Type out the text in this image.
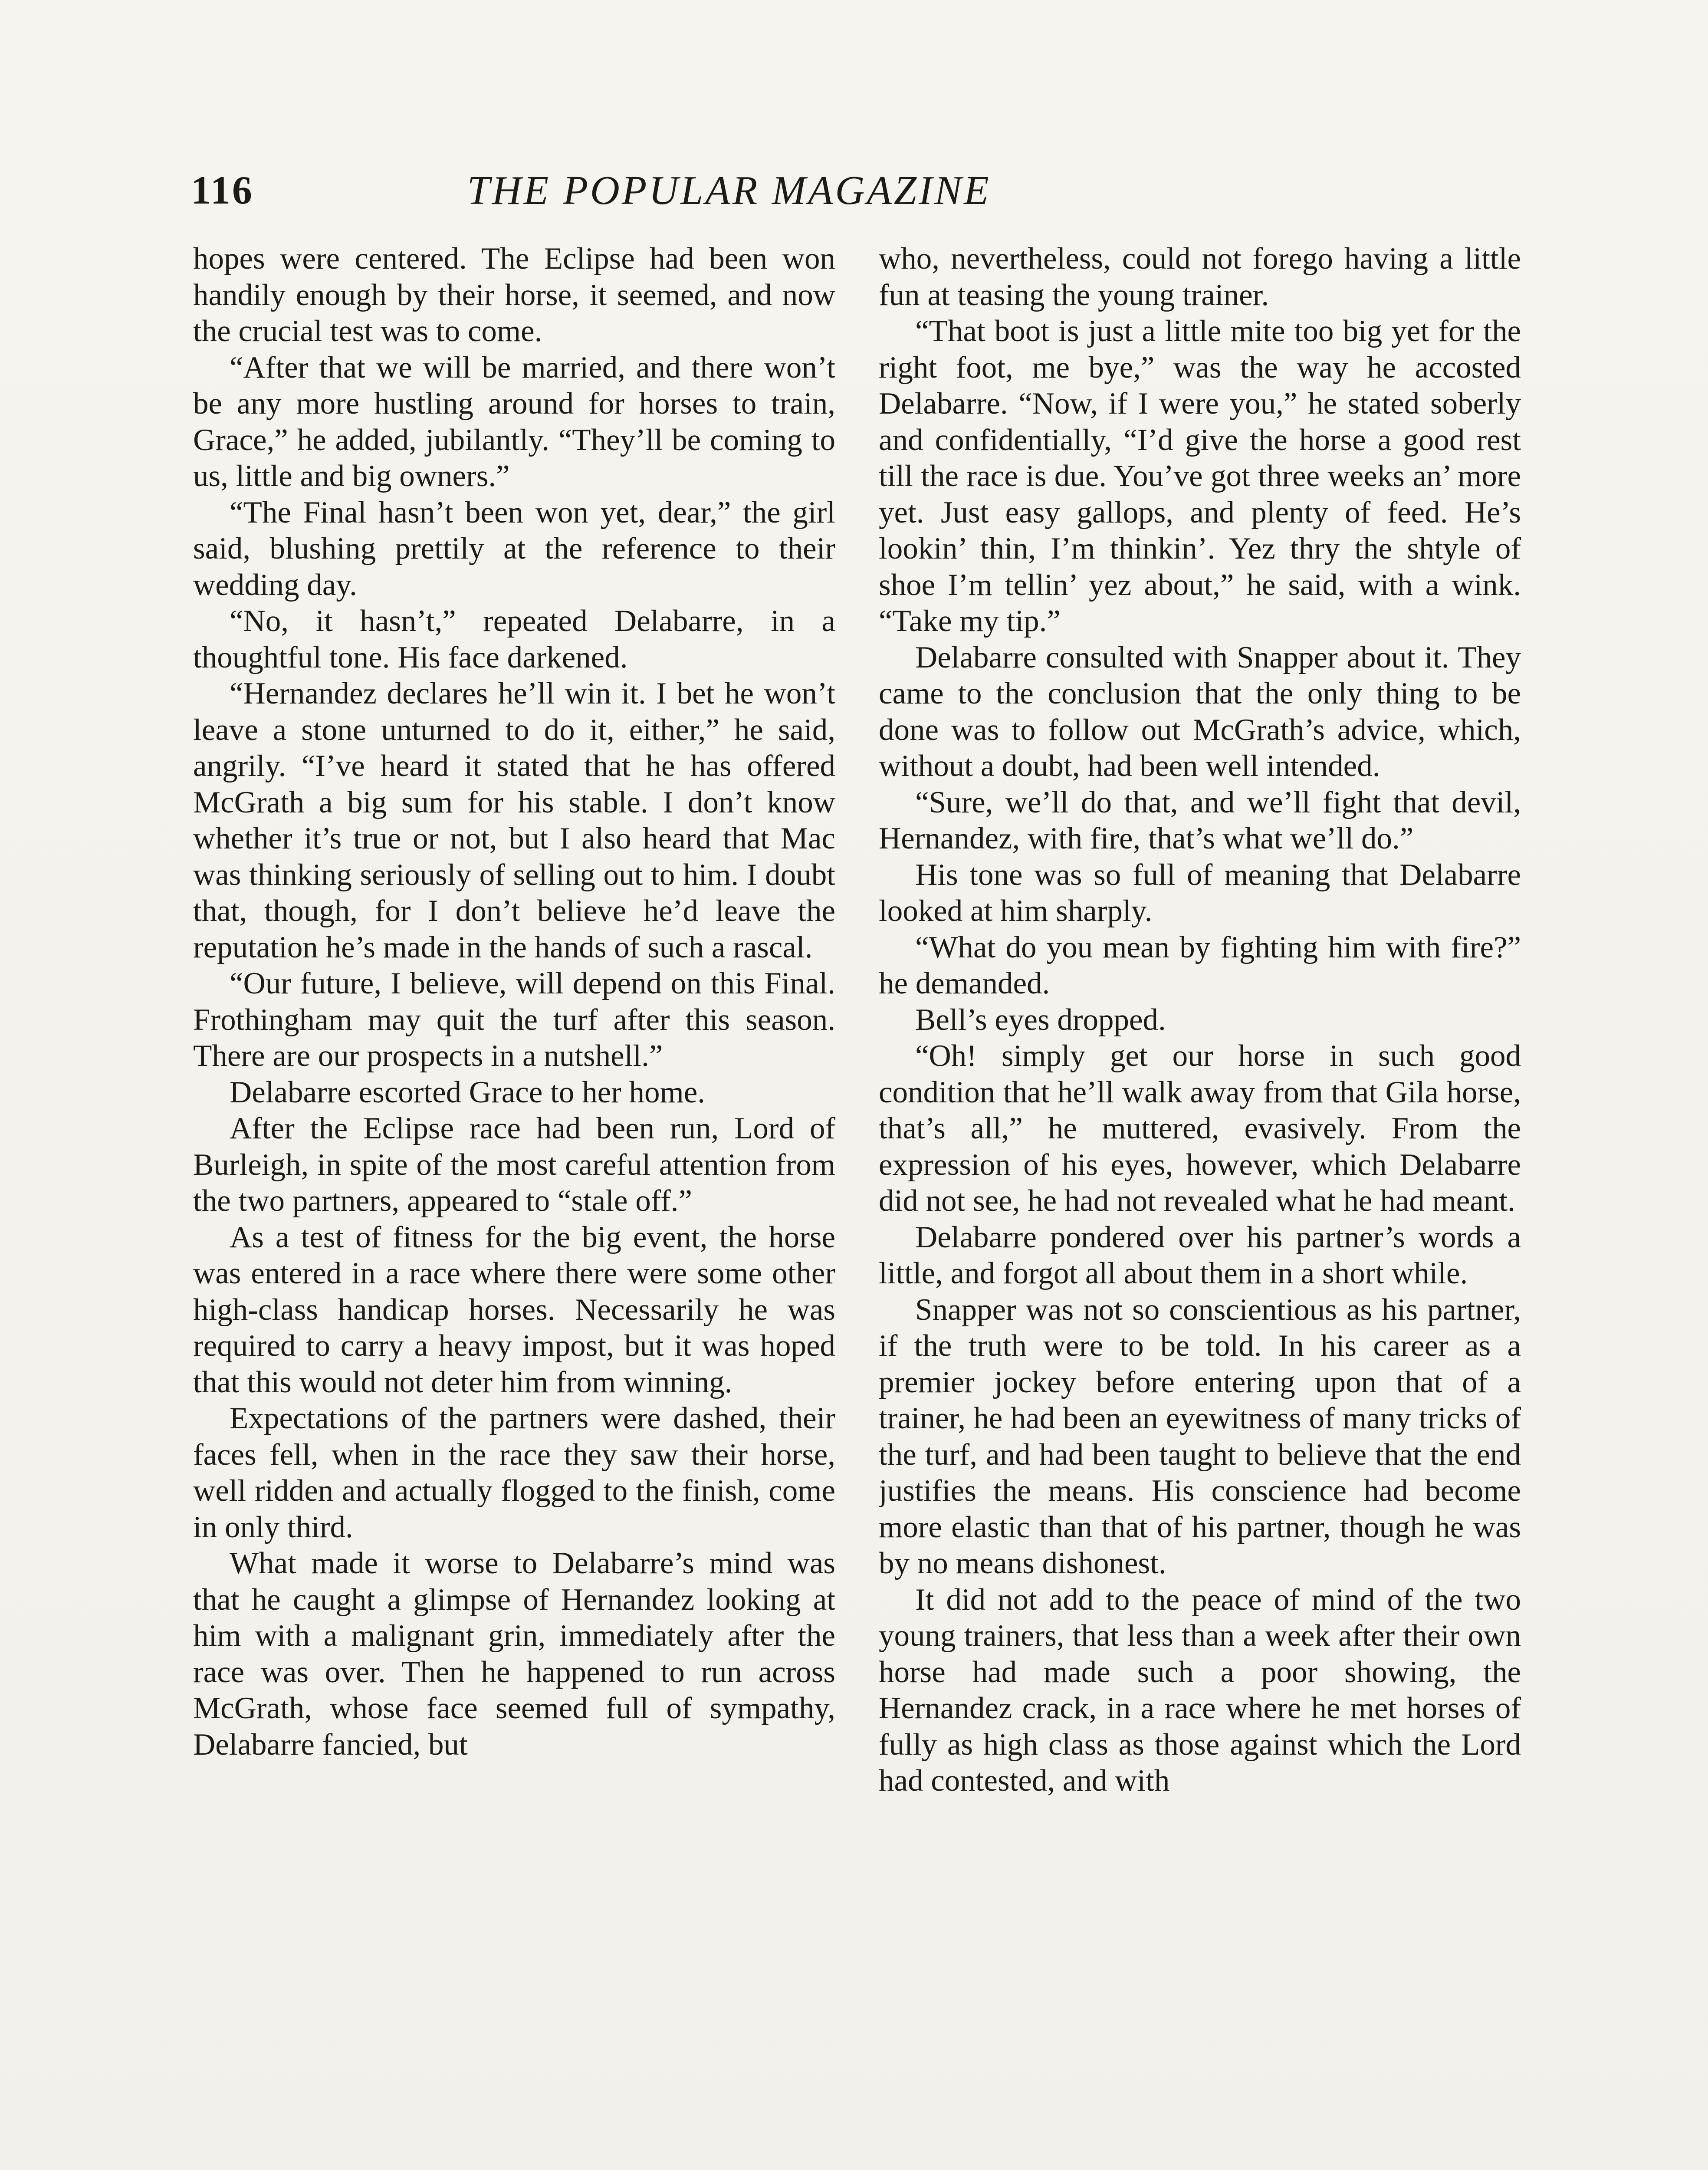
116	THE POPULAR MAGAZINE

hopes were centered. The Eclipse had been won handily enough by their horse, it seemed, and now the crucial test was to come.

“After that we will be married, and there won’t be any more hustling around for horses to train, Grace,” he added, jubilantly. “They’ll be coming to us, little and big owners.”

“The Final hasn’t been won yet, dear,” the girl said, blushing prettily at the reference to their wedding day.

“No, it hasn’t,” repeated Delabarre, in a thoughtful tone. His face darkened.

“Hernandez declares he’ll win it. I bet he won’t leave a stone unturned to do it, either,” he said, angrily. “I’ve heard it stated that he has offered McGrath a big sum for his stable. I don’t know whether it’s true or not, but I also heard that Mac was thinking seriously of selling out to him. I doubt that, though, for I don’t believe he’d leave the reputation he’s made in the hands of such a rascal.

“Our future, I believe, will depend on this Final. Frothingham may quit the turf after this season. There are our prospects in a nutshell.”

Delabarre escorted Grace to her home.

After the Eclipse race had been run, Lord of Burleigh, in spite of the most careful attention from the two partners, appeared to “stale off.”

As a test of fitness for the big event, the horse was entered in a race where there were some other high-class handicap horses. Necessarily he was required to carry a heavy impost, but it was hoped that this would not deter him from winning.

Expectations of the partners were dashed, their faces fell, when in the race they saw their horse, well ridden and actually flogged to the finish, come in only third.

What made it worse to Delabarre’s mind was that he caught a glimpse of Hernandez looking at him with a malignant grin, immediately after the race was over. Then he happened to run across McGrath, whose face seemed full of sympathy, Delabarre fancied, but

who, nevertheless, could not forego having a little fun at teasing the young trainer.

“That boot is just a little mite too big yet for the right foot, me bye,” was the way he accosted Delabarre. “Now, if I were you,” he stated soberly and confidentially, “I’d give the horse a good rest till the race is due. You’ve got three weeks an’ more yet. Just easy gallops, and plenty of feed. He’s lookin’ thin, I’m thinkin’. Yez thry the shtyle of shoe I’m tellin’ yez about,” he said, with a wink. “Take my tip.”

Delabarre consulted with Snapper about it. They came to the conclusion that the only thing to be done was to follow out McGrath’s advice, which, without a doubt, had been well intended.

“Sure, we’ll do that, and we’ll fight that devil, Hernandez, with fire, that’s what we’ll do.”

His tone was so full of meaning that Delabarre looked at him sharply.

“What do you mean by fighting him with fire?” he demanded.

Bell’s eyes dropped.

“Oh! simply get our horse in such good condition that he’ll walk away from that Gila horse, that’s all,” he muttered, evasively. From the expression of his eyes, however, which Delabarre did not see, he had not revealed what he had meant.

Delabarre pondered over his partner’s words a little, and forgot all about them in a short while.

Snapper was not so conscientious as his partner, if the truth were to be told. In his career as a premier jockey before entering upon that of a trainer, he had been an eyewitness of many tricks of the turf, and had been taught to believe that the end justifies the means. His conscience had become more elastic than that of his partner, though he was by no means dishonest.

It did not add to the peace of mind of the two young trainers, that less than a week after their own horse had made such a poor showing, the Hernandez crack, in a race where he met horses of fully as high class as those against which the Lord had contested, and with
